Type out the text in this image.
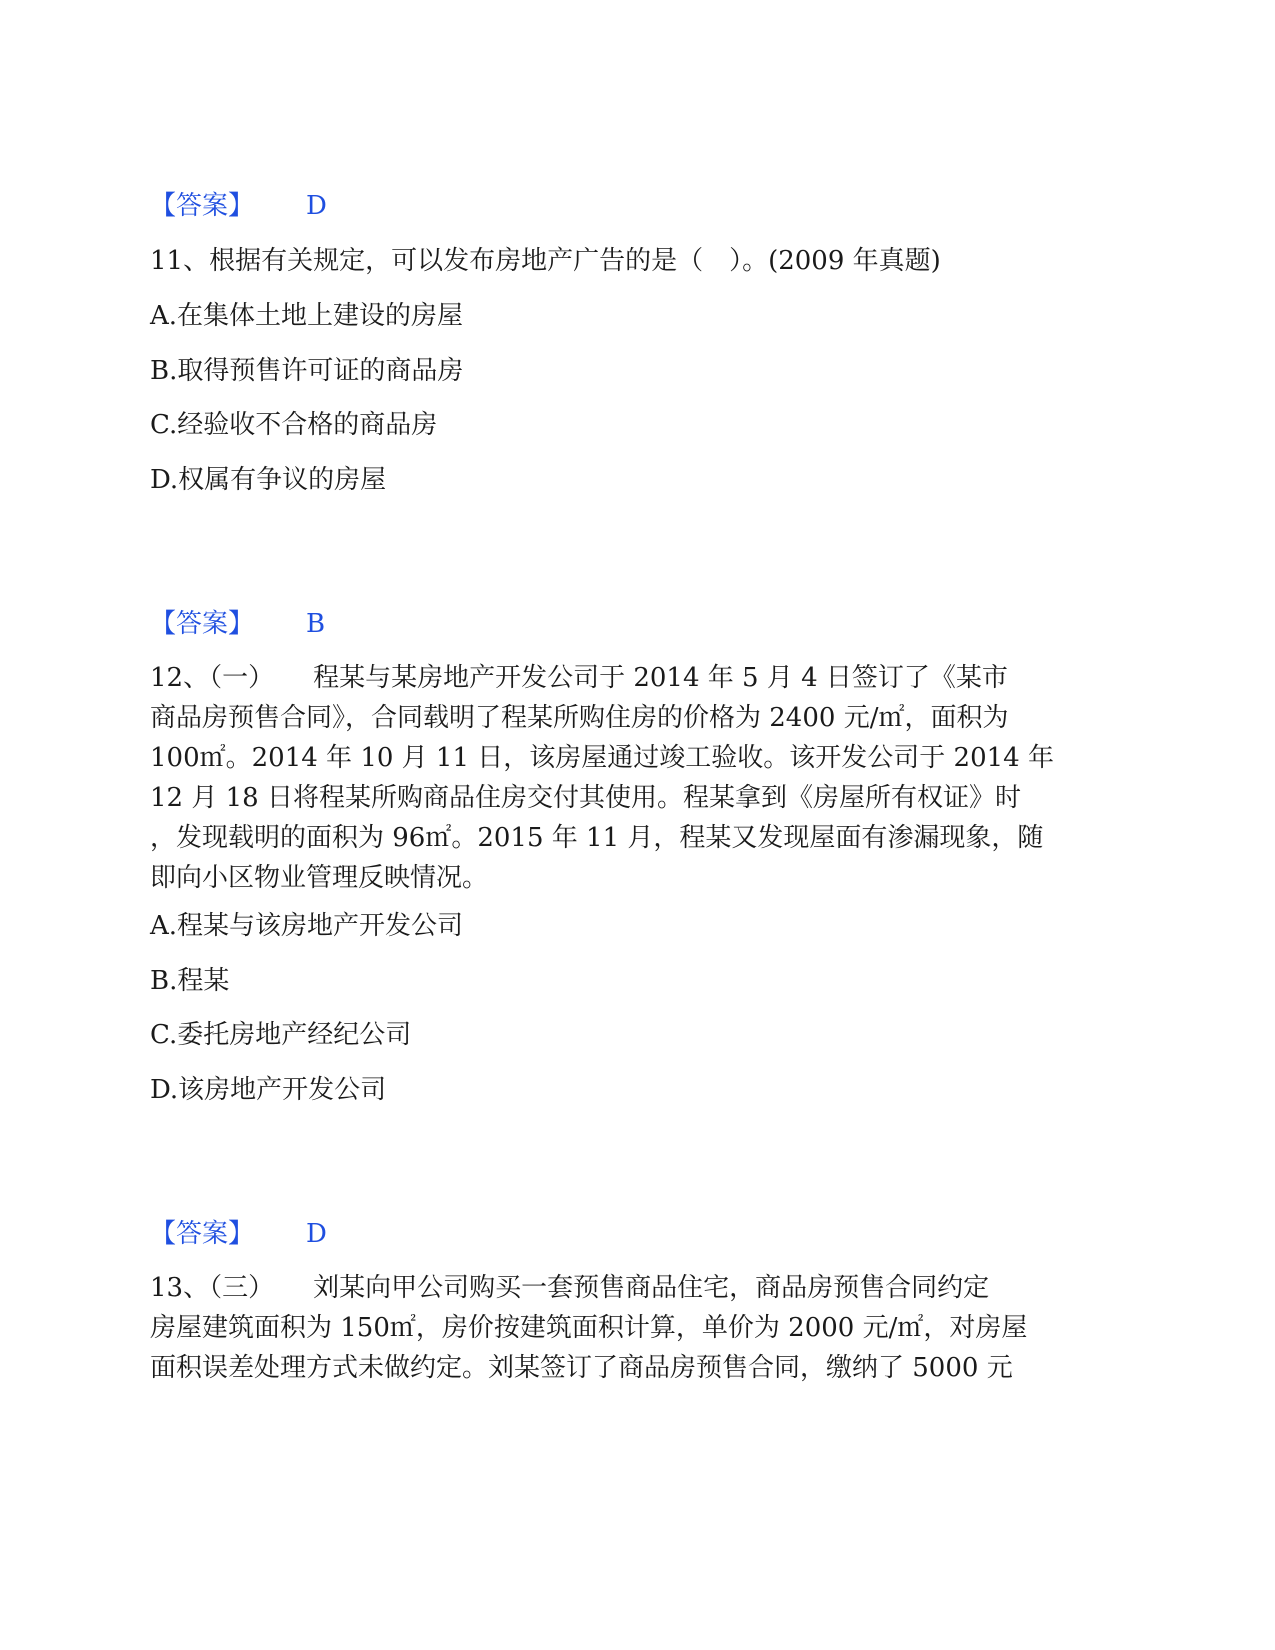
【答案】 D
11、根据有关规定，可以发布房地产广告的是（　）。(2009 年真题)
A.在集体土地上建设的房屋
B.取得预售许可证的商品房
C.经验收不合格的商品房
D.权属有争议的房屋
【答案】 B

12、（一）　　程某与某房地产开发公司于 2014 年 5 月 4 日签订了《某市

商品房预售合同》，合同载明了程某所购住房的价格为 2400 元/㎡，面积为

100㎡。2014 年 10 月 11 日，该房屋通过竣工验收。该开发公司于 2014 年

12 月 18 日将程某所购商品住房交付其使用。程某拿到《房屋所有权证》时

，发现载明的面积为 96㎡。2015 年 11 月，程某又发现屋面有渗漏现象，随

即向小区物业管理反映情况。

A.程某与该房地产开发公司
B.程某
C.委托房地产经纪公司
D.该房地产开发公司
【答案】 D

13、（三）　　刘某向甲公司购买一套预售商品住宅，商品房预售合同约定

房屋建筑面积为 150㎡，房价按建筑面积计算，单价为 2000 元/㎡，对房屋

面积误差处理方式未做约定。刘某签订了商品房预售合同，缴纳了 5000 元
